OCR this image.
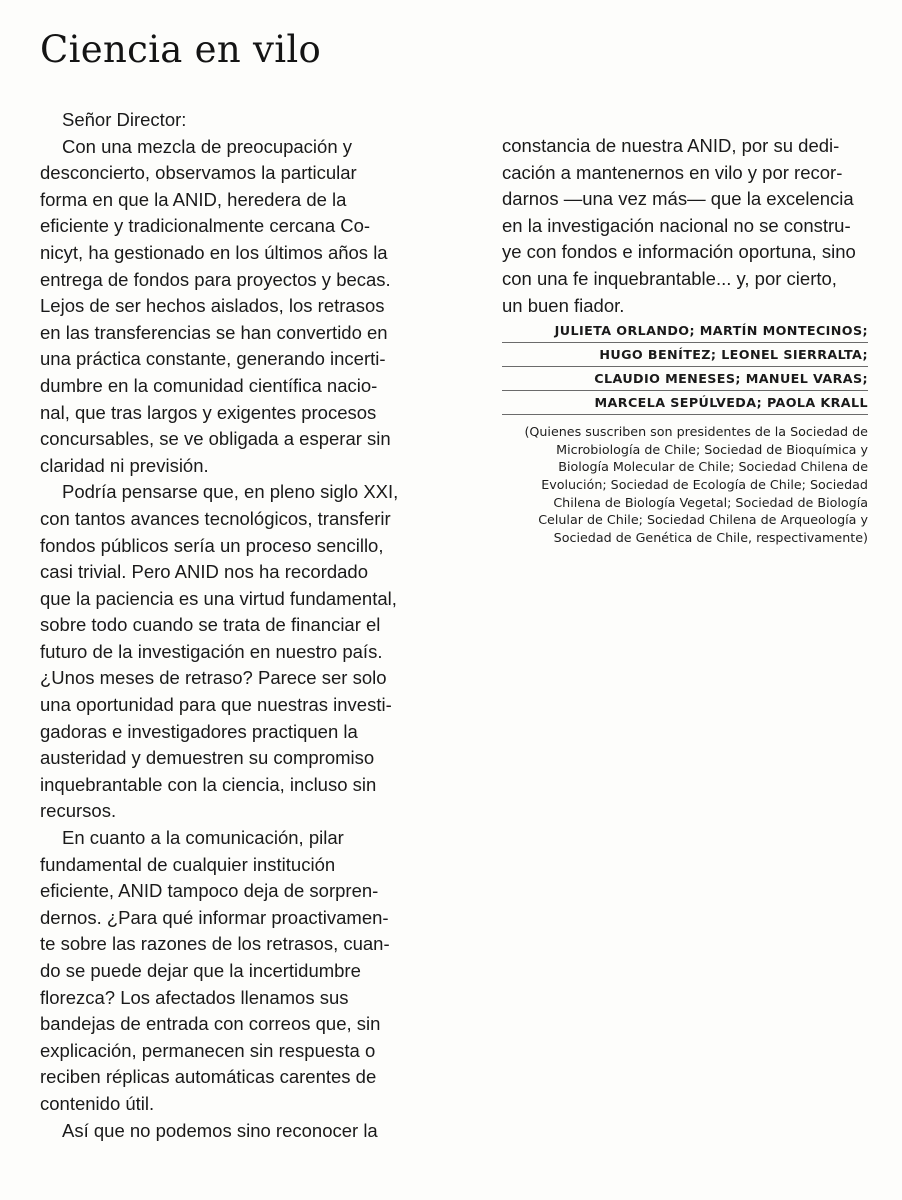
Ciencia en vilo

Señor Director:

Con una mezcla de preocupación y
desconcierto, observamos la particular
forma en que la ANID, heredera de la
eficiente y tradicionalmente cercana Co-
nicyt, ha gestionado en los últimos años la
entrega de fondos para proyectos y becas.
Lejos de ser hechos aislados, los retrasos
en las transferencias se han convertido en
una práctica constante, generando incerti-
dumbre en la comunidad científica nacio-
nal, que tras largos y exigentes procesos
concursables, se ve obligada a esperar sin
claridad ni previsión.

Podría pensarse que, en pleno siglo XXI,
con tantos avances tecnológicos, transferir
fondos públicos sería un proceso sencillo,
casi trivial. Pero ANID nos ha recordado
que la paciencia es una virtud fundamental,
sobre todo cuando se trata de financiar el
futuro de la investigación en nuestro país.
¿Unos meses de retraso? Parece ser solo
una oportunidad para que nuestras investi-
gadoras e investigadores practiquen la
austeridad y demuestren su compromiso
inquebrantable con la ciencia, incluso sin
recursos.

En cuanto a la comunicación, pilar
fundamental de cualquier institución
eficiente, ANID tampoco deja de sorpren-
dernos. ¿Para qué informar proactivamen-
te sobre las razones de los retrasos, cuan-
do se puede dejar que la incertidumbre
florezca? Los afectados llenamos sus
bandejas de entrada con correos que, sin
explicación, permanecen sin respuesta o
reciben réplicas automáticas carentes de
contenido útil.

Así que no podemos sino reconocer la

constancia de nuestra ANID, por su dedi-
cación a mantenernos en vilo y por recor-
darnos —una vez más— que la excelencia
en la investigación nacional no se constru-
ye con fondos e información oportuna, sino
con una fe inquebrantable... y, por cierto,
un buen fiador.

JULIETA ORLANDO; MARTÍN MONTECINOS;
HUGO BENÍTEZ; LEONEL SIERRALTA;
CLAUDIO MENESES; MANUEL VARAS;
MARCELA SEPÚLVEDA; PAOLA KRALL
(Quienes suscriben son presidentes de la Sociedad de
Microbiología de Chile; Sociedad de Bioquímica y
Biología Molecular de Chile; Sociedad Chilena de
Evolución; Sociedad de Ecología de Chile; Sociedad
Chilena de Biología Vegetal; Sociedad de Biología
Celular de Chile; Sociedad Chilena de Arqueología y
Sociedad de Genética de Chile, respectivamente)
